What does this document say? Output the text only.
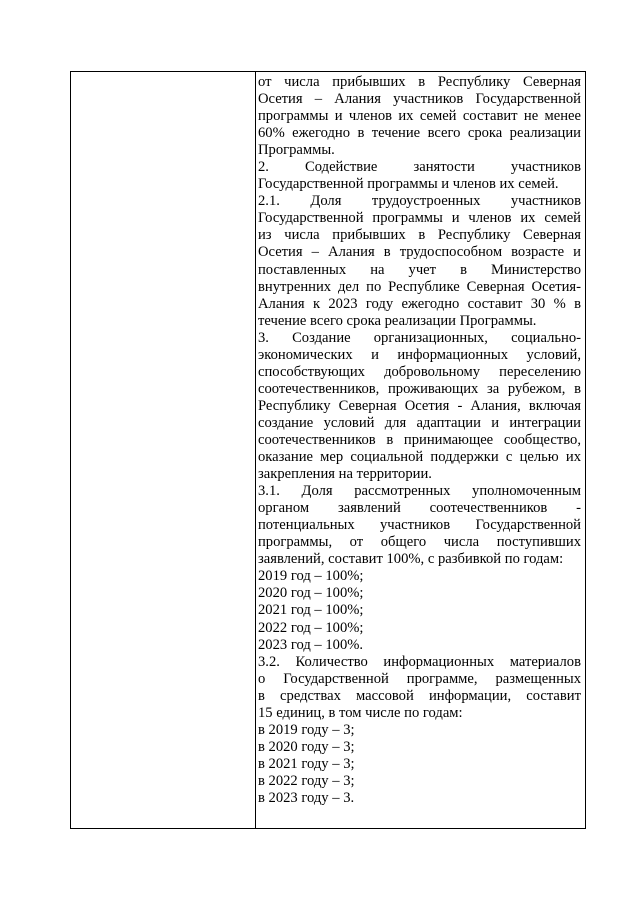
от числа прибывших в Республику Северная
Осетия – Алания участников Государственной
программы и членов их семей составит не менее
60% ежегодно в течение всего срока реализации
Программы.
2. Содействие занятости участников
Государственной программы и членов их семей.
2.1. Доля трудоустроенных участников
Государственной программы и членов их семей
из числа прибывших в Республику Северная
Осетия – Алания в трудоспособном возрасте и
поставленных на учет в Министерство
внутренних дел по Республике Северная Осетия-
Алания к 2023 году ежегодно составит 30 % в
течение всего срока реализации Программы.
3. Создание организационных, социально-
экономических и информационных условий,
способствующих добровольному переселению
соотечественников, проживающих за рубежом, в
Республику Северная Осетия - Алания, включая
создание условий для адаптации и интеграции
соотечественников в принимающее сообщество,
оказание мер социальной поддержки с целью их
закрепления на территории.
3.1. Доля рассмотренных уполномоченным
органом заявлений соотечественников -
потенциальных участников Государственной
программы, от общего числа поступивших
заявлений, составит 100%, с разбивкой по годам:
2019 год – 100%;
2020 год – 100%;
2021 год – 100%;
2022 год – 100%;
2023 год – 100%.
3.2. Количество информационных материалов
о Государственной программе, размещенных
в средствах массовой информации, составит
15 единиц, в том числе по годам:
в 2019 году – 3;
в 2020 году – 3;
в 2021 году – 3;
в 2022 году – 3;
в 2023 году – 3.
